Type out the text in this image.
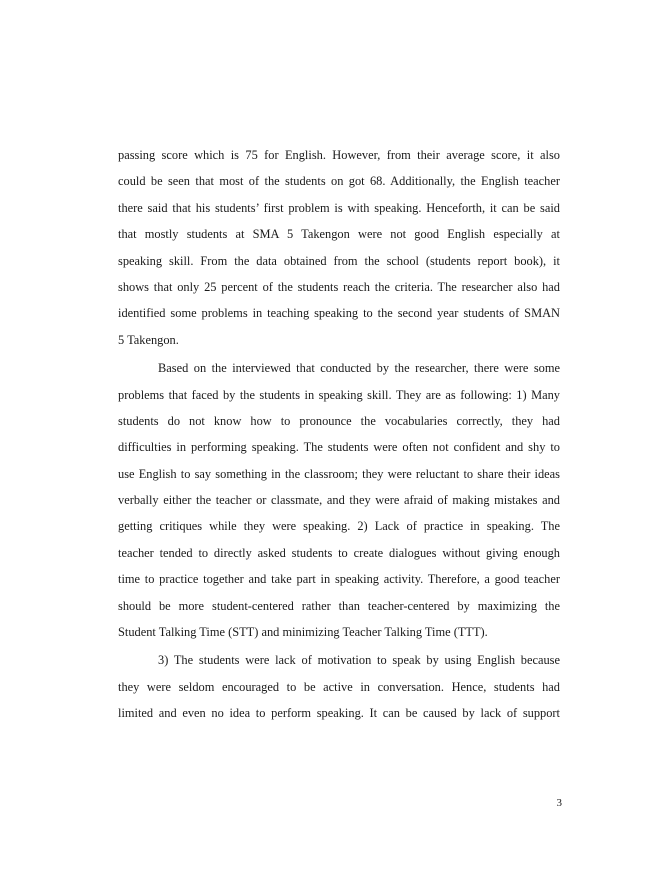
passing score which is 75 for English. However, from their average score, it also
could be seen that most of the students on got 68. Additionally, the English teacher
there said that his students’ first problem is with speaking. Henceforth, it can be said
that mostly students at SMA 5 Takengon were not good English especially at
speaking skill. From the data obtained from the school (students report book), it
shows that only 25 percent of the students reach the criteria. The researcher also had
identified some problems in teaching speaking to the second year students of SMAN
5 Takengon.
Based on the interviewed that conducted by the researcher, there were some
problems that faced by the students in speaking skill. They are as following: 1) Many
students do not know how to pronounce the vocabularies correctly, they had
difficulties in performing speaking. The students were often not confident and shy to
use English to say something in the classroom; they were reluctant to share their ideas
verbally either the teacher or classmate, and they were afraid of making mistakes and
getting critiques while they were speaking. 2) Lack of practice in speaking. The
teacher tended to directly asked students to create dialogues without giving enough
time to practice together and take part in speaking activity. Therefore, a good teacher
should be more student-centered rather than teacher-centered by maximizing the
Student Talking Time (STT) and minimizing Teacher Talking Time (TTT).
3) The students were lack of motivation to speak by using English because
they were seldom encouraged to be active in conversation. Hence, students had
limited and even no idea to perform speaking. It can be caused by lack of support
3
